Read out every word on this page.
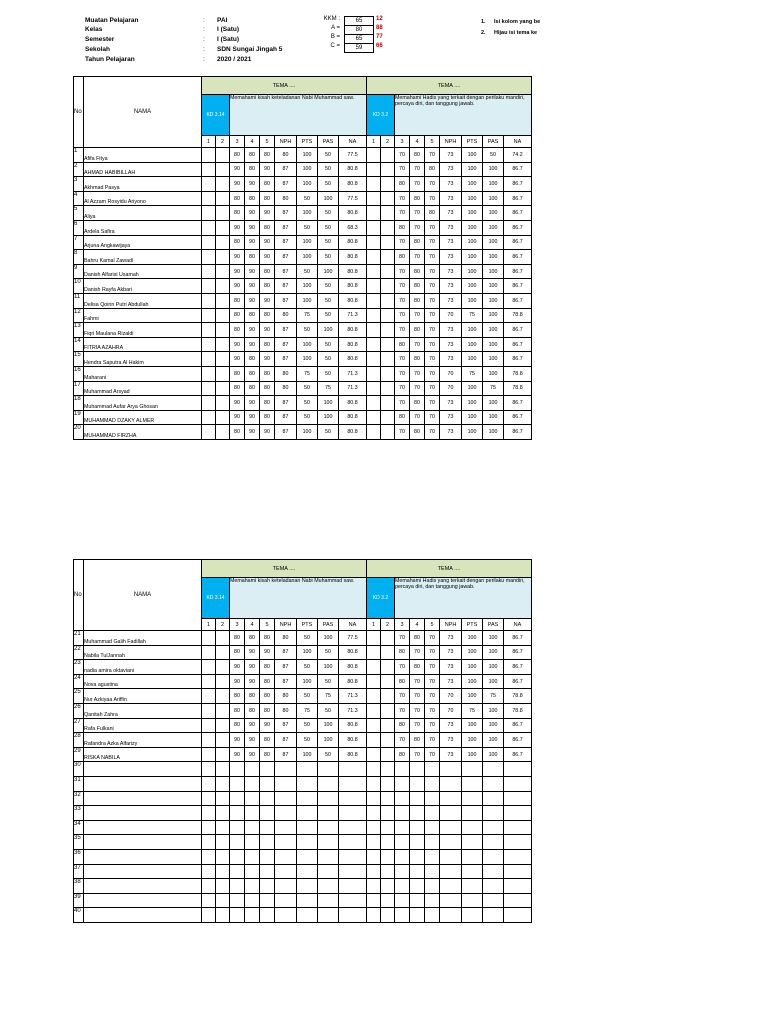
Muatan Pelajaran	: PAI
Kelas	: I (Satu)
Semester	: I (Satu)
Sekolah	: SDN Sungai Jingah 5
Tahun Pelajaran	: 2020 / 2021
KKM :	65	12
A =	80	88
B =	65	77
C =	59	66
1. Isi kolom yang be
2. Hijau isi tema ke
No	NAMA	TEMA ....									TEMA ....								
		KD 3.14		Memahami kisah keteladanan Nabi Muhammad saw.							KD 3.2		Memahami Hadis yang terkait dengan perilaku mandiri, percaya diri, dan tanggung jawab.						
		1	2	3	4	5	NPH	PTS	PAS	NA	1	2	3	4	5	NPH	PTS	PAS	NA
1	Afifa Fitya			80	80	80	80	100	50	77.5			70	80	70	73	100	50	74.2
2	AHMAD HABIBILLAH			90	80	90	87	100	50	80.8			70	70	80	73	100	100	86.7
3	Akhmad Pasya			90	90	80	87	100	50	80.8			80	70	70	73	100	100	86.7
4	Al Azzam Rosyidu Ariyono			80	80	80	80	50	100	77.5			70	80	70	73	100	100	86.7
5	Aliya			80	90	90	87	100	50	80.8			70	70	80	73	100	100	86.7
6	Ardela Safira			90	90	80	87	50	50	68.3			80	70	70	73	100	100	86.7
7	Arjuna Angkawijaya			80	90	90	87	100	50	80.8			70	80	70	73	100	100	86.7
8	Bahru Kamal Zawadi			90	80	90	87	100	50	80.8			80	70	70	73	100	100	86.7
9	Danish Alfarisi Usamah			90	90	80	87	50	100	80.8			70	80	70	73	100	100	86.7
10	Danish Rayfa Akbari			90	90	80	87	100	50	80.8			70	80	70	73	100	100	86.7
11	Delisa Qoirin Putri Abdullah			80	90	90	87	100	50	80.8			70	80	70	73	100	100	86.7
12	Fahmi			80	80	80	80	75	50	71.3			70	70	70	70	75	100	78.8
13	Fiqri Maulana Rizaldi			80	90	90	87	50	100	80.8			70	80	70	73	100	100	86.7
14	FITRIA AZAHRA			90	90	80	87	100	50	80.8			80	70	70	73	100	100	86.7
15	Hendra Saputra Al Hakim			90	80	90	87	100	50	80.8			70	80	70	73	100	100	86.7
16	Maharani			80	80	80	80	75	50	71.3			70	70	70	70	75	100	78.8
17	Muhammad Arsyad			80	80	80	80	50	75	71.3			70	70	70	70	100	75	78.8
18	Muhammad Aufar Arya Ghosan			90	90	80	87	50	100	80.8			70	80	70	73	100	100	86.7
19	MUHAMMAD DZAKY ALMER			90	90	80	87	50	100	80.8			80	70	70	73	100	100	86.7
20	MUHAMMAD FIRZHA			80	90	90	87	100	50	80.8			70	80	70	73	100	100	86.7
No	NAMA	TEMA ....									TEMA ....								
		KD 3.14		Memahami kisah keteladanan Nabi Muhammad saw.							KD 3.2		Memahami Hadis yang terkait dengan perilaku mandiri, percaya diri, dan tanggung jawab.						
		1	2	3	4	5	NPH	PTS	PAS	NA	1	2	3	4	5	NPH	PTS	PAS	NA
21	Muhammad Galih Fadillah			80	80	80	80	50	100	77.5			70	80	70	73	100	100	86.7
22	Nabila TulJannah			80	90	90	87	100	50	80.8			80	70	70	73	100	100	86.7
23	nadia amira oktaviani			90	90	80	87	50	100	80.8			70	80	70	73	100	100	86.7
24	Nova agustina			90	90	80	87	100	50	80.8			80	70	70	73	100	100	86.7
25	Nur Azkiyaa Ariffin			80	80	80	80	50	75	71.3			70	70	70	70	100	75	78.8
26	Qanitah Zahra			80	80	80	80	75	50	71.3			70	70	70	70	75	100	78.8
27	Rafa Fulkani			80	90	90	87	50	100	80.8			80	70	70	73	100	100	86.7
28	Rafandra Azka Alfarizy			90	90	80	87	50	100	80.8			70	80	70	73	100	100	86.7
29	RISKA NABILA			90	90	80	87	100	50	80.8			80	70	70	73	100	100	86.7
30																			
31																			
32																			
33																			
34																			
35																			
36																			
37																			
38																			
39																			
40																			
